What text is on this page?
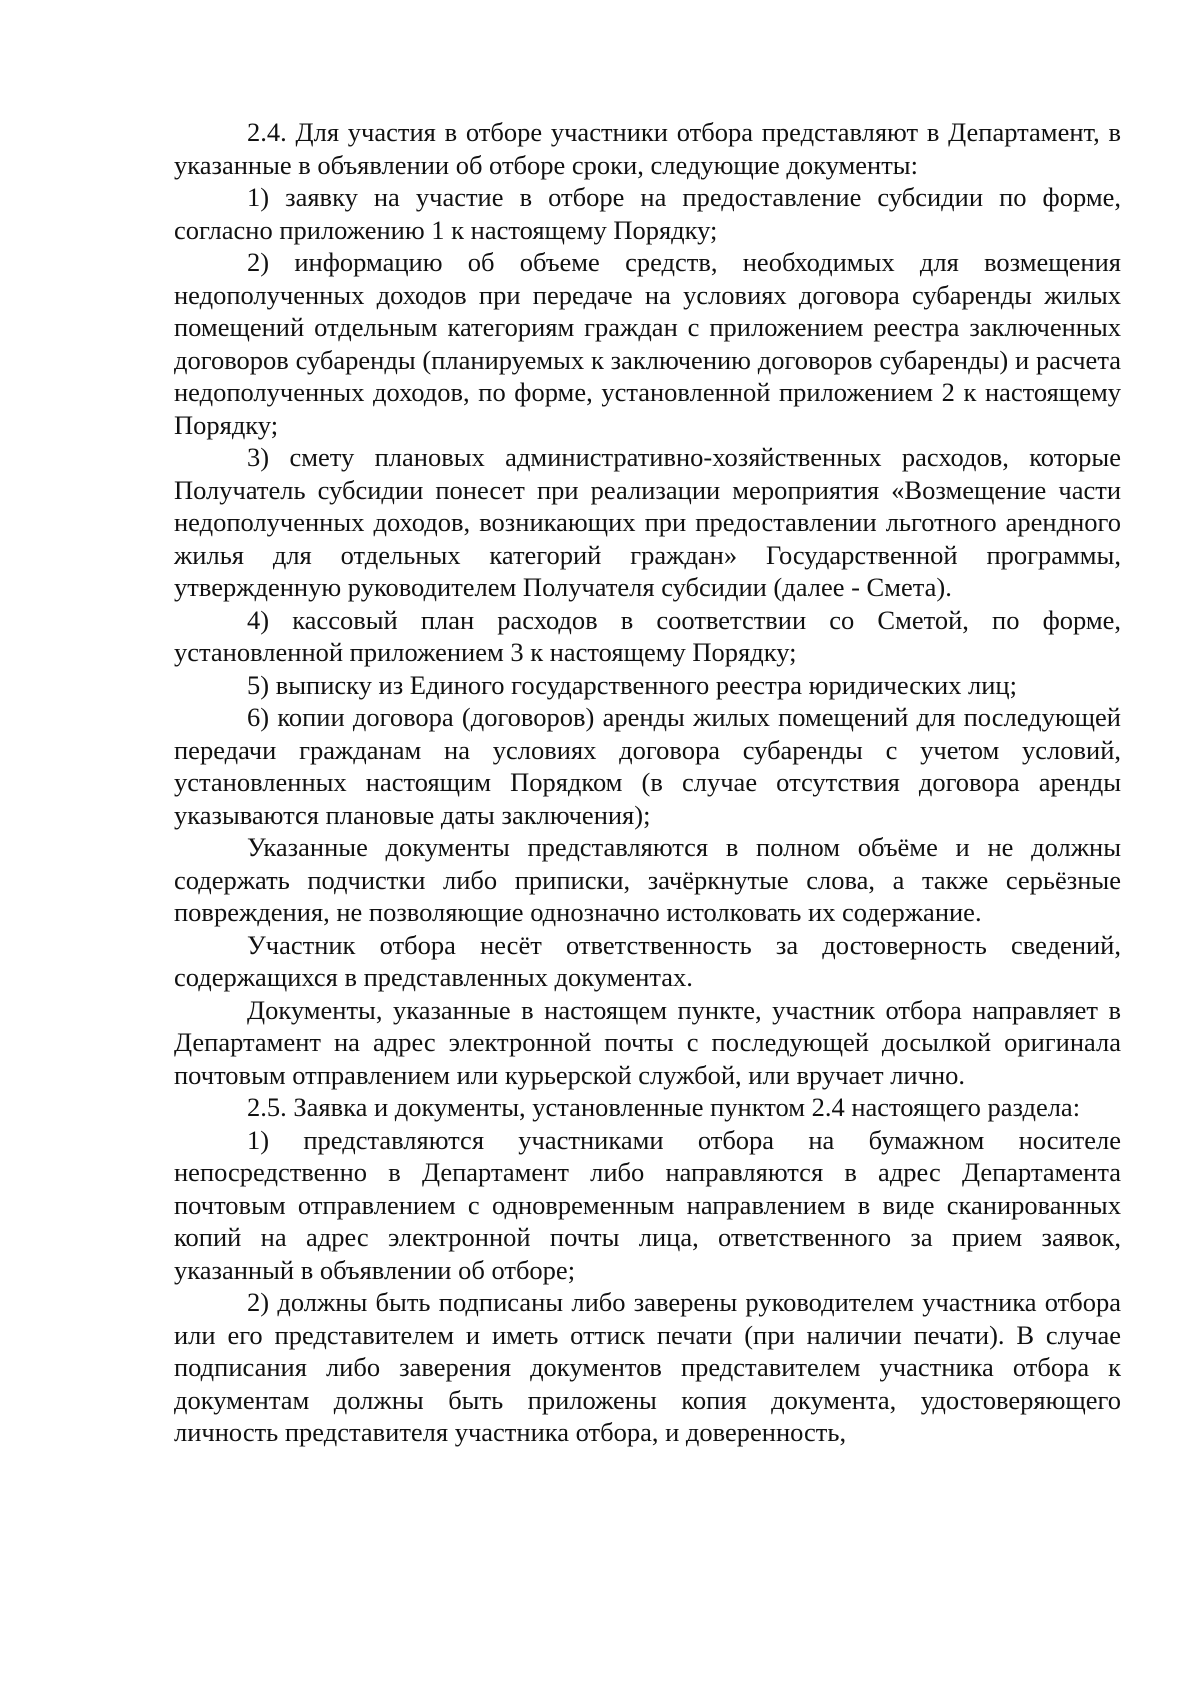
2.4. Для участия в отборе участники отбора представляют в Департамент, в указанные в объявлении об отборе сроки, следующие документы:

1) заявку на участие в отборе на предоставление субсидии по форме, согласно приложению 1 к настоящему Порядку;

2) информацию об объеме средств, необходимых для возмещения недополученных доходов при передаче на условиях договора субаренды жилых помещений отдельным категориям граждан с приложением реестра заключенных договоров субаренды (планируемых к заключению договоров субаренды) и расчета недополученных доходов, по форме, установленной приложением 2 к настоящему Порядку;

3) смету плановых административно-хозяйственных расходов, которые Получатель субсидии понесет при реализации мероприятия «Возмещение части недополученных доходов, возникающих при предоставлении льготного арендного жилья для отдельных категорий граждан» Государственной программы, утвержденную руководителем Получателя субсидии (далее - Смета).

4) кассовый план расходов в соответствии со Сметой, по форме, установленной приложением 3 к настоящему Порядку;

5) выписку из Единого государственного реестра юридических лиц;

6) копии договора (договоров) аренды жилых помещений для последующей передачи гражданам на условиях договора субаренды с учетом условий, установленных настоящим Порядком (в случае отсутствия договора аренды указываются плановые даты заключения);

Указанные документы представляются в полном объёме и не должны содержать подчистки либо приписки, зачёркнутые слова, а также серьёзные повреждения, не позволяющие однозначно истолковать их содержание.

Участник отбора несёт ответственность за достоверность сведений, содержащихся в представленных документах.

Документы, указанные в настоящем пункте, участник отбора направляет в Департамент на адрес электронной почты с последующей досылкой оригинала почтовым отправлением или курьерской службой, или вручает лично.

2.5. Заявка и документы, установленные пунктом 2.4 настоящего раздела:

1) представляются участниками отбора на бумажном носителе непосредственно в Департамент либо направляются в адрес Департамента почтовым отправлением с одновременным направлением в виде сканированных копий на адрес электронной почты лица, ответственного за прием заявок, указанный в объявлении об отборе;

2) должны быть подписаны либо заверены руководителем участника отбора или его представителем и иметь оттиск печати (при наличии печати). В случае подписания либо заверения документов представителем участника отбора к документам должны быть приложены копия документа, удостоверяющего личность представителя участника отбора, и доверенность,
